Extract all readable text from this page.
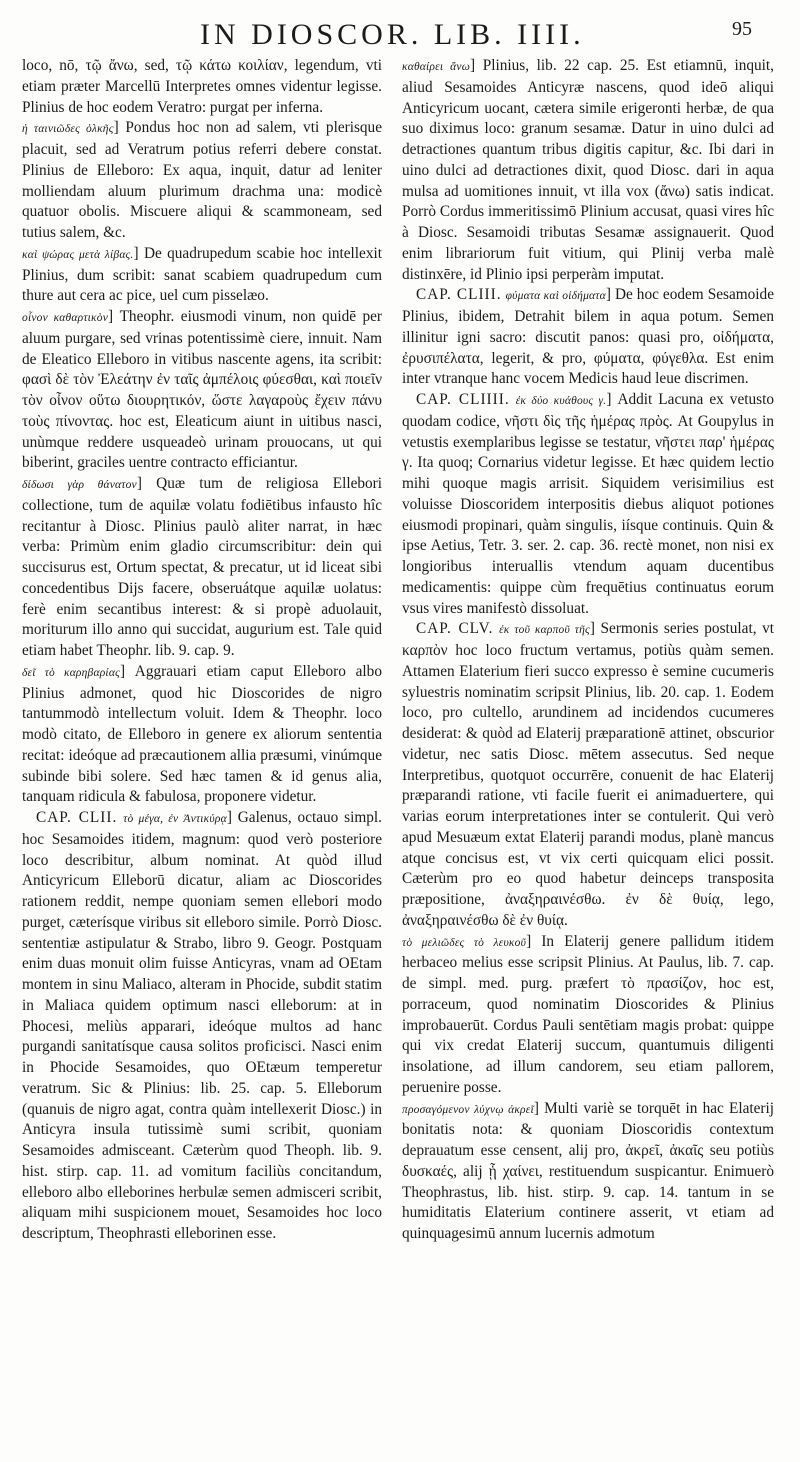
IN DIOSCOR. LIB. IIII.	95

loco, nō, τῷ ἄνω, sed, τῷ κάτω κοιλίαν, legendum, vti etiam præter Marcellū Interpretes omnes videntur legisse. Plinius de hoc eodem Veratro: purgat per inferna.

ἡ ταινιῶδες ὁλκῆς] Pondus hoc non ad salem, vti plerisque placuit, sed ad Veratrum potius referri debere constat. Plinius de Elleboro: Ex aqua, inquit, datur ad leniter molliendam aluum plurimum drachma una: modicè quatuor obolis. Miscuere aliqui & scammoneam, sed tutius salem, &c.

καὶ ψώρας μετὰ λίβας.] De quadrupedum scabie hoc intellexit Plinius, dum scribit: sanat scabiem quadrupedum cum thure aut cera ac pice, uel cum pisselæo.

οἶνον καθαρτικὸν] Theophr. eiusmodi vinum, non quidē per aluum purgare, sed vrinas potentissimè ciere, innuit. Nam de Eleatico Elleboro in vitibus nascente agens, ita scribit: φασὶ δὲ τὸν Ἐλεάτην ἐν ταῖς ἀμπέλοις φύεσθαι, καὶ ποιεῖν τὸν οἶνον οὕτω διουρητικόν, ὥστε λαγαροὺς ἔχειν πάνυ τοὺς πίνοντας. hoc est, Eleaticum aiunt in uitibus nasci, unùmque reddere usqueadeò urinam prouocans, ut qui biberint, graciles uentre contracto efficiantur.

δίδωσι γὰρ θάνατον] Quæ tum de religiosa Ellebori collectione, tum de aquilæ volatu fodiētibus infausto hîc recitantur à Diosc. Plinius paulò aliter narrat, in hæc verba: Primùm enim gladio circumscribitur: dein qui succisurus est, Ortum spectat, & precatur, ut id liceat sibi concedentibus Dijs facere, obseruátque aquilæ uolatus: ferè enim secantibus interest: & si propè aduolauit, moriturum illo anno qui succidat, augurium est. Tale quid etiam habet Theophr. lib. 9. cap. 9.

δεῖ τὸ καρηβαρίας] Aggrauari etiam caput Elleboro albo Plinius admonet, quod hic Dioscorides de nigro tantummodò intellectum voluit. Idem & Theophr. loco modò citato, de Elleboro in genere ex aliorum sententia recitat: ideóque ad præcautionem allia præsumi, vinúmque subinde bibi solere. Sed hæc tamen & id genus alia, tanquam ridicula & fabulosa, proponere videtur.

CAP. CLII. τὸ μέγα, ἐν Ἀντικύρᾳ] Galenus, octauo simpl. hoc Sesamoides itidem, magnum: quod verò posteriore loco describitur, album nominat. At quòd illud Anticyricum Elleborū dicatur, aliam ac Dioscorides rationem reddit, nempe quoniam semen ellebori modo purget, cæterísque viribus sit elleboro simile. Porrò Diosc. sententiæ astipulatur & Strabo, libro 9. Geogr. Postquam enim duas monuit olim fuisse Anticyras, vnam ad OEtam montem in sinu Maliaco, alteram in Phocide, subdit statim in Maliaca quidem optimum nasci elleborum: at in Phocesi, meliùs apparari, ideóque multos ad hanc purgandi sanitatísque causa solitos proficisci. Nasci enim in Phocide Sesamoides, quo OEtæum temperetur veratrum. Sic & Plinius: lib. 25. cap. 5. Elleborum (quanuis de nigro agat, contra quàm intellexerit Diosc.) in Anticyra insula tutissimè sumi scribit, quoniam Sesamoides admisceant. Cæterùm quod Theoph. lib. 9. hist. stirp. cap. 11. ad vomitum faciliùs concitandum, elleboro albo elleborines herbulæ semen admisceri scribit, aliquam mihi suspicionem mouet, Sesamoides hoc loco descriptum, Theophrasti elleborinen esse.

καθαίρει ἄνω] Plinius, lib. 22 cap. 25. Est etiamnū, inquit, aliud Sesamoides Anticyræ nascens, quod ideō aliqui Anticyricum uocant, cætera simile erigeronti herbæ, de qua suo diximus loco: granum sesamæ. Datur in uino dulci ad detractiones quantum tribus digitis capitur, &c. Ibi dari in uino dulci ad detractiones dixit, quod Diosc. dari in aqua mulsa ad uomitiones innuit, vt illa vox (ἄνω) satis indicat. Porrò Cordus immeritissimō Plinium accusat, quasi vires hîc à Diosc. Sesamoidi tributas Sesamæ assignauerit. Quod enim librariorum fuit vitium, qui Plinij verba malè distinxēre, id Plinio ipsi perperàm imputat.

CAP. CLIII. φύματα καὶ οἰδήματα] De hoc eodem Sesamoide Plinius, ibidem, Detrahit bilem in aqua potum. Semen illinitur igni sacro: discutit panos: quasi pro, οἰδήματα, ἐρυσιπέλατα, legerit, & pro, φύματα, φύγεθλα. Est enim inter vtranque hanc vocem Medicis haud leue discrimen.

CAP. CLIIII. ἐκ δύο κυάθους γ.] Addit Lacuna ex vetusto quodam codice, νῆστι δὶς τῆς ἡμέρας πρὸς. At Goupylus in vetustis exemplaribus legisse se testatur, νῆστει παρ' ἡμέρας γ. Ita quoq; Cornarius videtur legisse. Et hæc quidem lectio mihi quoque magis arrisit. Siquidem verisimilius est voluisse Dioscoridem interpositis diebus aliquot potiones eiusmodi propinari, quàm singulis, iísque continuis. Quin & ipse Aetius, Tetr. 3. ser. 2. cap. 36. rectè monet, non nisi ex longioribus interuallis vtendum aquam ducentibus medicamentis: quippe cùm frequētius continuatus eorum vsus vires manifestò dissoluat.

CAP. CLV. ἐκ τοῦ καρποῦ τῆς] Sermonis series postulat, vt καρπὸν hoc loco fructum vertamus, potiùs quàm semen. Attamen Elaterium fieri succo expresso è semine cucumeris syluestris nominatim scripsit Plinius, lib. 20. cap. 1. Eodem loco, pro cultello, arundinem ad incidendos cucumeres desiderat: & quòd ad Elaterij præparationē attinet, obscurior videtur, nec satis Diosc. mētem assecutus. Sed neque Interpretibus, quotquot occurrēre, conuenit de hac Elaterij præparandi ratione, vti facile fuerit ei animaduertere, qui varias eorum interpretationes inter se contulerit. Qui verò apud Mesuæum extat Elaterij parandi modus, planè mancus atque concisus est, vt vix certi quicquam elici possit. Cæterùm pro eo quod habetur deinceps transposita præpositione, ἀναξηραινέσθω. ἐν δὲ θυίᾳ, lego, ἀναξηραινέσθω δὲ ἐν θυίᾳ.

τὸ μελιῶδες τὸ λευκοῦ] In Elaterij genere pallidum itidem herbaceo melius esse scripsit Plinius. At Paulus, lib. 7. cap. de simpl. med. purg. præfert τὸ πρασίζον, hoc est, porraceum, quod nominatim Dioscorides & Plinius improbauerūt. Cordus Pauli sentētiam magis probat: quippe qui vix credat Elaterij succum, quantumuis diligenti insolatione, ad illum candorem, seu etiam pallorem, peruenire posse.

προσαγόμενον λύχνῳ ἀκρεῖ] Multi variè se torquēt in hac Elaterij bonitatis nota: & quoniam Dioscoridis contextum deprauatum esse censent, alij pro, ἀκρεῖ, ἀκαῖς seu potiùs δυσκαές, alij ᾗ χαίνει, restituendum suspicantur. Enimuerò Theophrastus, lib. hist. stirp. 9. cap. 14. tantum in se humiditatis Elaterium continere asserit, vt etiam ad quinquagesimū annum lucernis admotum
